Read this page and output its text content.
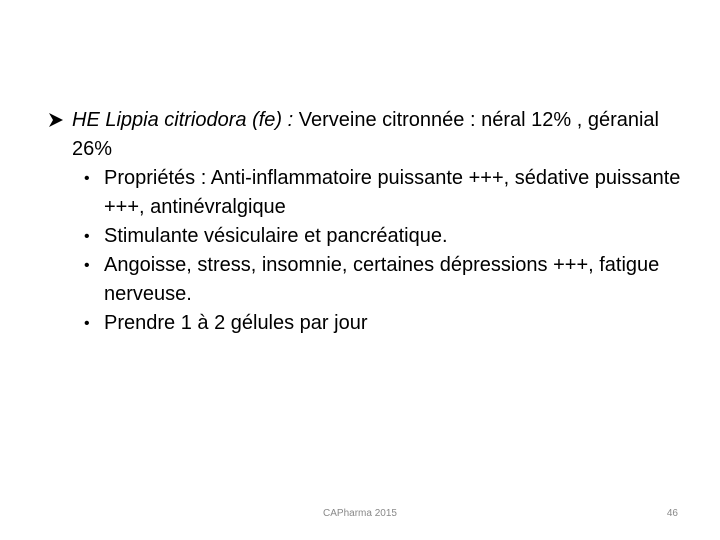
HE Lippia citriodora (fe) : Verveine citronnée : néral 12% , géranial 26%
• Propriétés : Anti-inflammatoire puissante +++, sédative puissante +++, antinévralgique
• Stimulante vésiculaire et pancréatique.
• Angoisse, stress, insomnie, certaines dépressions +++, fatigue nerveuse.
• Prendre 1 à 2 gélules par jour
CAPharma 2015	46
